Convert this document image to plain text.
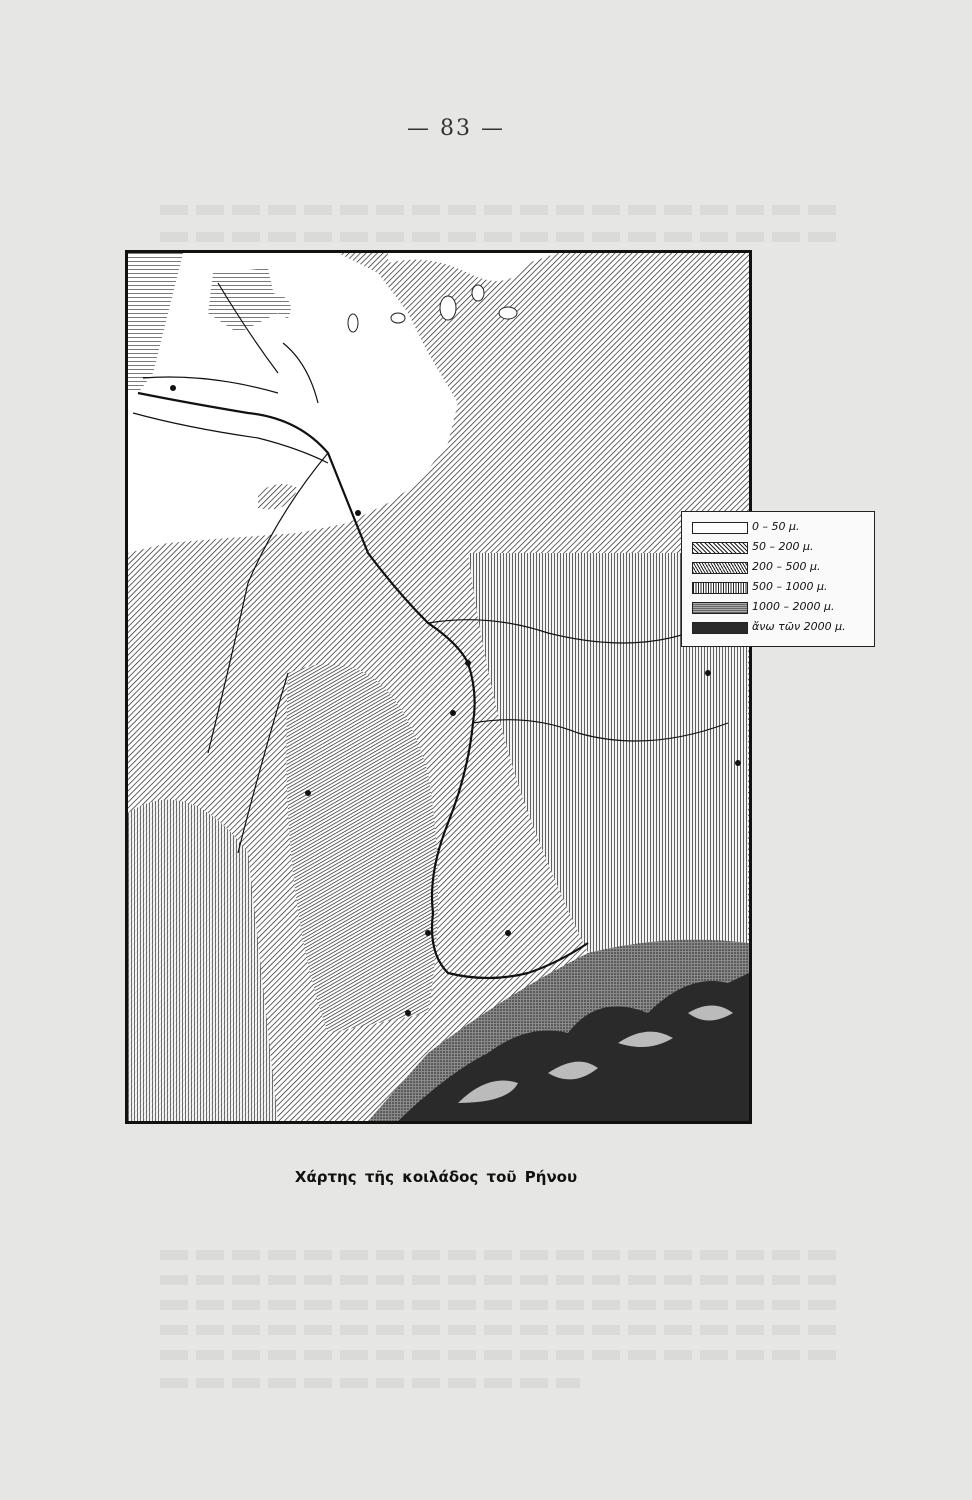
— 83 —
0 – 50 μ.
50 – 200 μ.
200 – 500 μ.
500 – 1000 μ.
1000 – 2000 μ.
ἄνω τῶν 2000 μ.
Χάρτης τῆς κοιλάδος τοῦ Ρήνου
